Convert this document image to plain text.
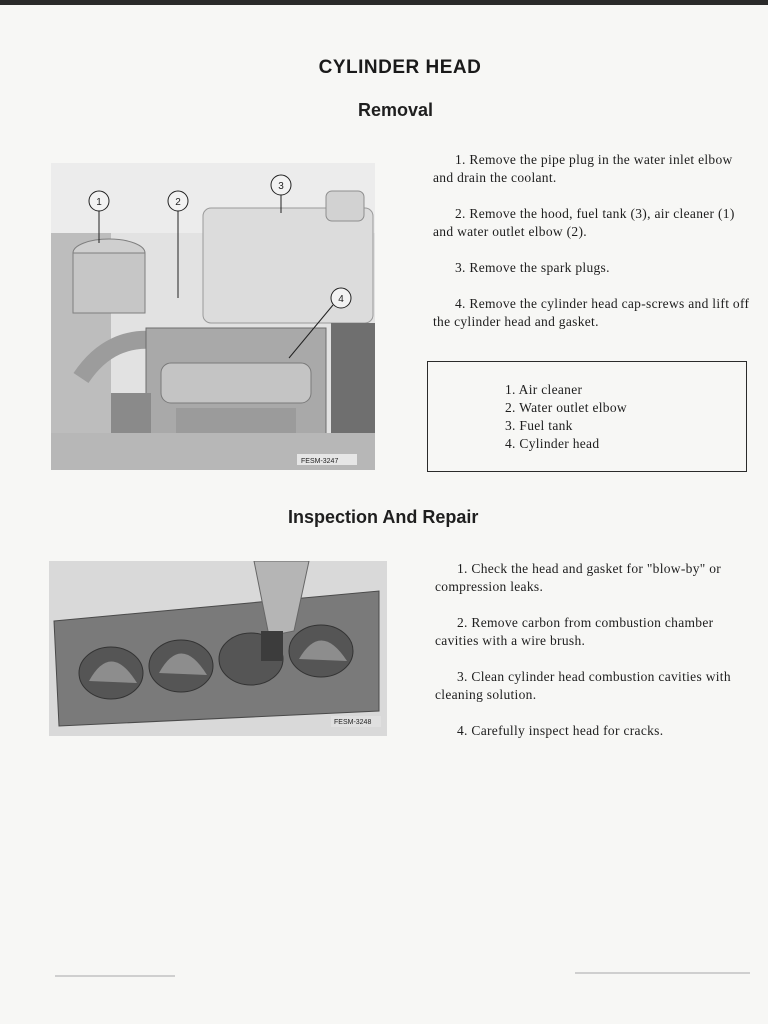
CYLINDER HEAD
Removal
1	2
3
4
FESM-3247

1. Remove the pipe plug in the water inlet elbow and drain the coolant.

2. Remove the hood, fuel tank (3), air cleaner (1) and water outlet elbow (2).

3. Remove the spark plugs.

4. Remove the cylinder head cap-screws and lift off the cylinder head and gasket.

1. Air cleaner
2. Water outlet elbow
3. Fuel tank
4. Cylinder head
Inspection And Repair
FESM-3248

1. Check the head and gasket for "blow-by" or compression leaks.

2. Remove carbon from combustion chamber cavities with a wire brush.

3. Clean cylinder head combustion cavities with cleaning solution.

4. Carefully inspect head for cracks.
